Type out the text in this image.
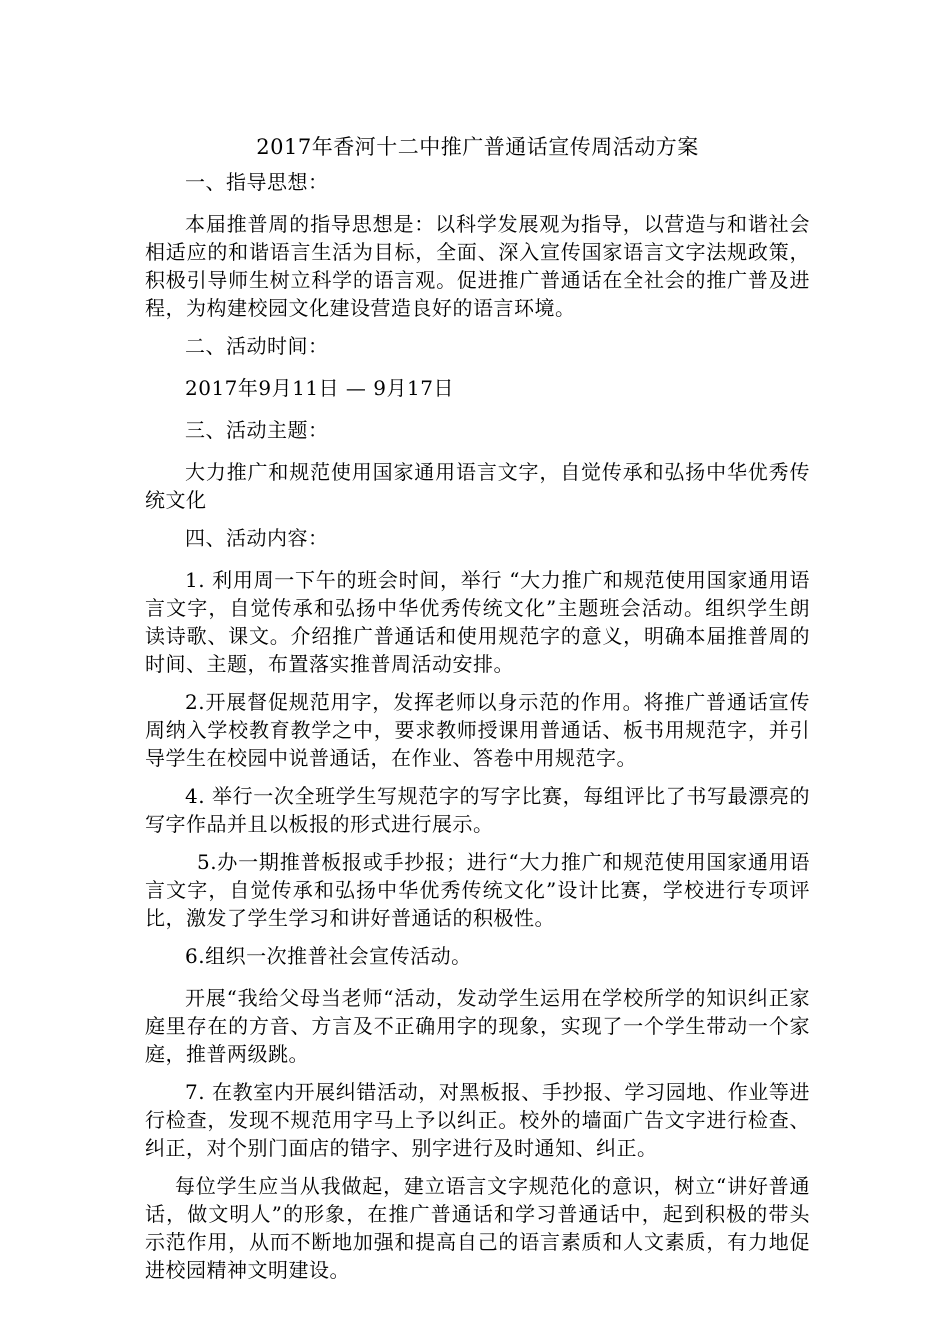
2017年香河十二中推广普通话宣传周活动方案
一、指导思想：
本届推普周的指导思想是：以科学发展观为指导，以营造与和谐社会相适应的和谐语言生活为目标，全面、深入宣传国家语言文字法规政策，积极引导师生树立科学的语言观。促进推广普通话在全社会的推广普及进程，为构建校园文化建设营造良好的语言环境。
二、活动时间：
2017年9月11日 — 9月17日
三、活动主题：
大力推广和规范使用国家通用语言文字，自觉传承和弘扬中华优秀传统文化
四、活动内容：
1. 利用周一下午的班会时间，举行 “大力推广和规范使用国家通用语言文字，自觉传承和弘扬中华优秀传统文化”主题班会活动。组织学生朗读诗歌、课文。介绍推广普通话和使用规范字的意义，明确本届推普周的时间、主题，布置落实推普周活动安排。
2.开展督促规范用字，发挥老师以身示范的作用。将推广普通话宣传周纳入学校教育教学之中，要求教师授课用普通话、板书用规范字，并引导学生在校园中说普通话，在作业、答卷中用规范字。
4. 举行一次全班学生写规范字的写字比赛，每组评比了书写最漂亮的写字作品并且以板报的形式进行展示。
5.办一期推普板报或手抄报；进行“大力推广和规范使用国家通用语言文字，自觉传承和弘扬中华优秀传统文化”设计比赛，学校进行专项评比，激发了学生学习和讲好普通话的积极性。
6.组织一次推普社会宣传活动。
开展“我给父母当老师“活动，发动学生运用在学校所学的知识纠正家庭里存在的方音、方言及不正确用字的现象，实现了一个学生带动一个家庭，推普两级跳。
7. 在教室内开展纠错活动，对黑板报、手抄报、学习园地、作业等进行检查，发现不规范用字马上予以纠正。校外的墙面广告文字进行检查、纠正，对个别门面店的错字、别字进行及时通知、纠正。
每位学生应当从我做起，建立语言文字规范化的意识，树立“讲好普通话，做文明人”的形象，在推广普通话和学习普通话中，起到积极的带头示范作用，从而不断地加强和提高自己的语言素质和人文素质，有力地促进校园精神文明建设。
